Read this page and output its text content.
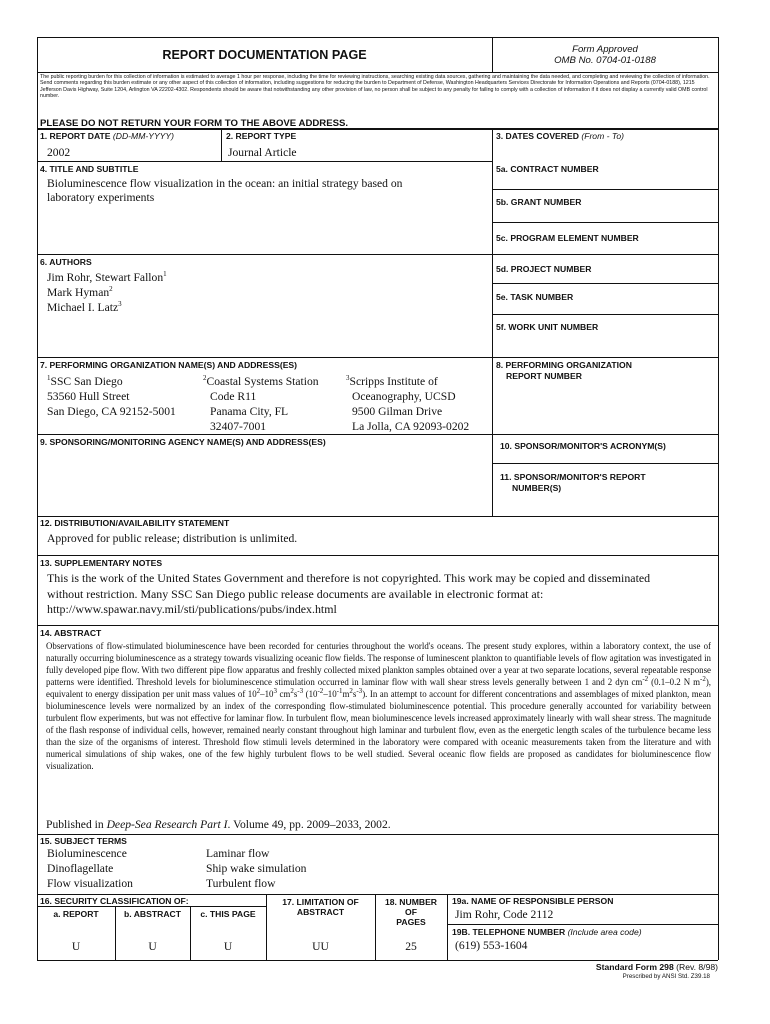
REPORT DOCUMENTATION PAGE	Form Approved
OMB No. 0704-01-0188
The public reporting burden for this collection of information is estimated to average 1 hour per response, including the time for reviewing instructions, searching existing data sources, gathering and maintaining the data needed, and completing and reviewing the collection of information. Send comments regarding this burden estimate or any other aspect of this collection of information, including suggestions for reducing the burden to Department of Defense, Washington Headquarters Services Directorate for Information Operations and Reports (0704-0188), 1215 Jefferson Davis Highway, Suite 1204, Arlington VA 22202-4302. Respondents should be aware that notwithstanding any other provision of law, no person shall be subject to any penalty for failing to comply with a collection of information if it does not display a currently valid OMB control number.
PLEASE DO NOT RETURN YOUR FORM TO THE ABOVE ADDRESS.
1. REPORT DATE (DD-MM-YYYY)
2002
2. REPORT TYPE
Journal Article
3. DATES COVERED (From - To)
4. TITLE AND SUBTITLE
Bioluminescence flow visualization in the ocean: an initial strategy based on
laboratory experiments
5a. CONTRACT NUMBER
5b. GRANT NUMBER
5c. PROGRAM ELEMENT NUMBER
6. AUTHORS
Jim Rohr, Stewart Fallon$^1$
Mark Hyman$^2$
Michael I. Latz$^3$
5d. PROJECT NUMBER
5e. TASK NUMBER
5f. WORK UNIT NUMBER
7. PERFORMING ORGANIZATION NAME(S) AND ADDRESS(ES)
$^1$SSC San Diego
53560 Hull Street
San Diego, CA 92152-5001
$^2$Coastal Systems Station
Code R11
Panama City, FL
32407-7001
$^3$Scripps Institute of
Oceanography, UCSD
9500 Gilman Drive
La Jolla, CA 92093-0202
8. PERFORMING ORGANIZATION
REPORT NUMBER
9. SPONSORING/MONITORING AGENCY NAME(S) AND ADDRESS(ES)	10. SPONSOR/MONITOR'S ACRONYM(S)
11. SPONSOR/MONITOR'S REPORT
NUMBER(S)
12. DISTRIBUTION/AVAILABILITY STATEMENT
Approved for public release; distribution is unlimited.
13. SUPPLEMENTARY NOTES
This is the work of the United States Government and therefore is not copyrighted. This work may be copied and disseminated
without restriction. Many SSC San Diego public release documents are available in electronic format at:
http://www.spawar.navy.mil/sti/publications/pubs/index.html
14. ABSTRACT
Observations of flow-stimulated bioluminescence have been recorded for centuries throughout the world's oceans. The present study explores, within a laboratory context, the use of naturally occurring bioluminescence as a strategy towards visualizing oceanic flow fields. The response of luminescent plankton to quantifiable levels of flow agitation was investigated in fully developed pipe flow. With two different pipe flow apparatus and freshly collected mixed plankton samples obtained over a year at two separate locations, several repeatable response patterns were identified. Threshold levels for bioluminescence stimulation occurred in laminar flow with wall shear stress levels generally between 1 and 2 dyn $cm^{-2}$ (0.1–0.2 N $m^{-2}$), equivalent to energy dissipation per unit mass values of $10^2-10^3$ $cm^2s^{-3}$ $(10^{-2}-10^{-1}m^2s^{-3})$. In an attempt to account for different concentrations and assemblages of mixed plankton, mean bioluminescence levels were normalized by an index of the corresponding flow-stimulated bioluminescence potential. This procedure generally accounted for variability between turbulent flow experiments, but was not effective for laminar flow. In turbulent flow, mean bioluminescence levels increased approximately linearly with wall shear stress. The magnitude of the flash response of individual cells, however, remained nearly constant throughout high laminar and turbulent flow, even as the energetic length scales of the turbulence became less than the size of the organisms of interest. Threshold flow stimuli levels determined in the laboratory were compared with oceanic measurements taken from the literature and with numerical simulations of ship wakes, one of the few highly turbulent flows to be well studied. Several oceanic flow fields are proposed as candidates for bioluminescence flow visualization.
Published in Deep-Sea Research Part I. Volume 49, pp. 2009–2033, 2002.
15. SUBJECT TERMS
Bioluminescence
Dinoflagellate
Flow visualization
Laminar flow
Ship wake simulation
Turbulent flow
16. SECURITY CLASSIFICATION OF:
a. REPORT	b. ABSTRACT	c. THIS PAGE
U	U	U
17. LIMITATION OF
ABSTRACT
UU
18. NUMBER
OF
PAGES
25
19a. NAME OF RESPONSIBLE PERSON
Jim Rohr, Code 2112
19B. TELEPHONE NUMBER (Include area code)
(619) 553-1604
Standard Form 298 (Rev. 8/98)
Prescribed by ANSI Std. Z39.18
